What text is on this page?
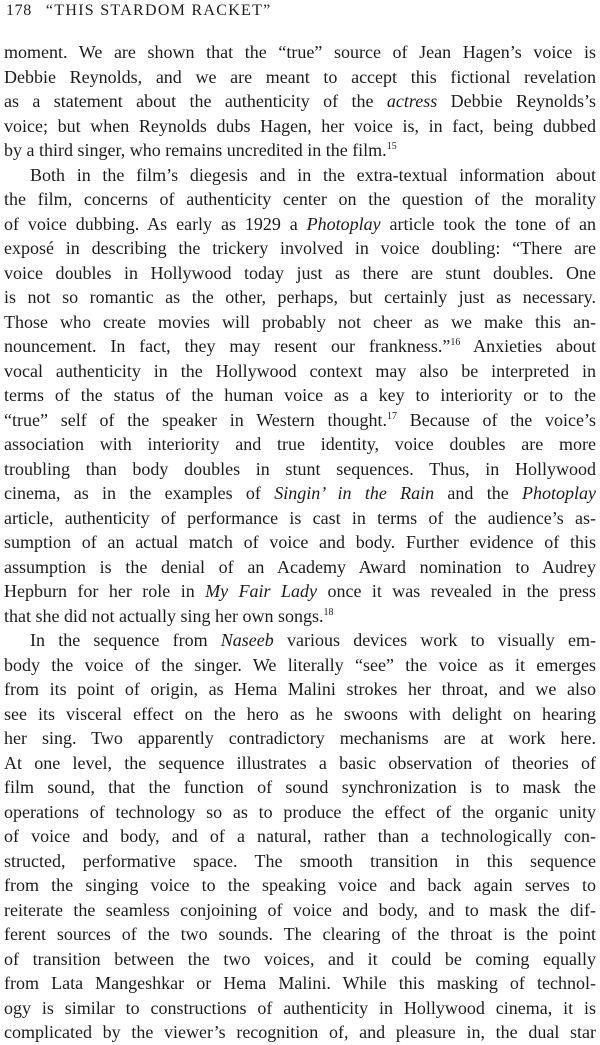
178 “THIS STARDOM RACKET”
moment. We are shown that the “true” source of Jean Hagen’s voice is
Debbie Reynolds, and we are meant to accept this fictional revelation
as a statement about the authenticity of the actress Debbie Reynolds’s
voice; but when Reynolds dubs Hagen, her voice is, in fact, being dubbed
by a third singer, who remains uncredited in the film.$^{15}$
Both in the film’s diegesis and in the extra-textual information about
the film, concerns of authenticity center on the question of the morality
of voice dubbing. As early as 1929 a Photoplay article took the tone of an
exposé in describing the trickery involved in voice doubling: “There are
voice doubles in Hollywood today just as there are stunt doubles. One
is not so romantic as the other, perhaps, but certainly just as necessary.
Those who create movies will probably not cheer as we make this an-
nouncement. In fact, they may resent our frankness.”$^{16}$ Anxieties about
vocal authenticity in the Hollywood context may also be interpreted in
terms of the status of the human voice as a key to interiority or to the
“true” self of the speaker in Western thought.$^{17}$ Because of the voice’s
association with interiority and true identity, voice doubles are more
troubling than body doubles in stunt sequences. Thus, in Hollywood
cinema, as in the examples of Singin’ in the Rain and the Photoplay
article, authenticity of performance is cast in terms of the audience’s as-
sumption of an actual match of voice and body. Further evidence of this
assumption is the denial of an Academy Award nomination to Audrey
Hepburn for her role in My Fair Lady once it was revealed in the press
that she did not actually sing her own songs.$^{18}$
In the sequence from Naseeb various devices work to visually em-
body the voice of the singer. We literally “see” the voice as it emerges
from its point of origin, as Hema Malini strokes her throat, and we also
see its visceral effect on the hero as he swoons with delight on hearing
her sing. Two apparently contradictory mechanisms are at work here.
At one level, the sequence illustrates a basic observation of theories of
film sound, that the function of sound synchronization is to mask the
operations of technology so as to produce the effect of the organic unity
of voice and body, and of a natural, rather than a technologically con-
structed, performative space. The smooth transition in this sequence
from the singing voice to the speaking voice and back again serves to
reiterate the seamless conjoining of voice and body, and to mask the dif-
ferent sources of the two sounds. The clearing of the throat is the point
of transition between the two voices, and it could be coming equally
from Lata Mangeshkar or Hema Malini. While this masking of technol-
ogy is similar to constructions of authenticity in Hollywood cinema, it is
complicated by the viewer’s recognition of, and pleasure in, the dual star
